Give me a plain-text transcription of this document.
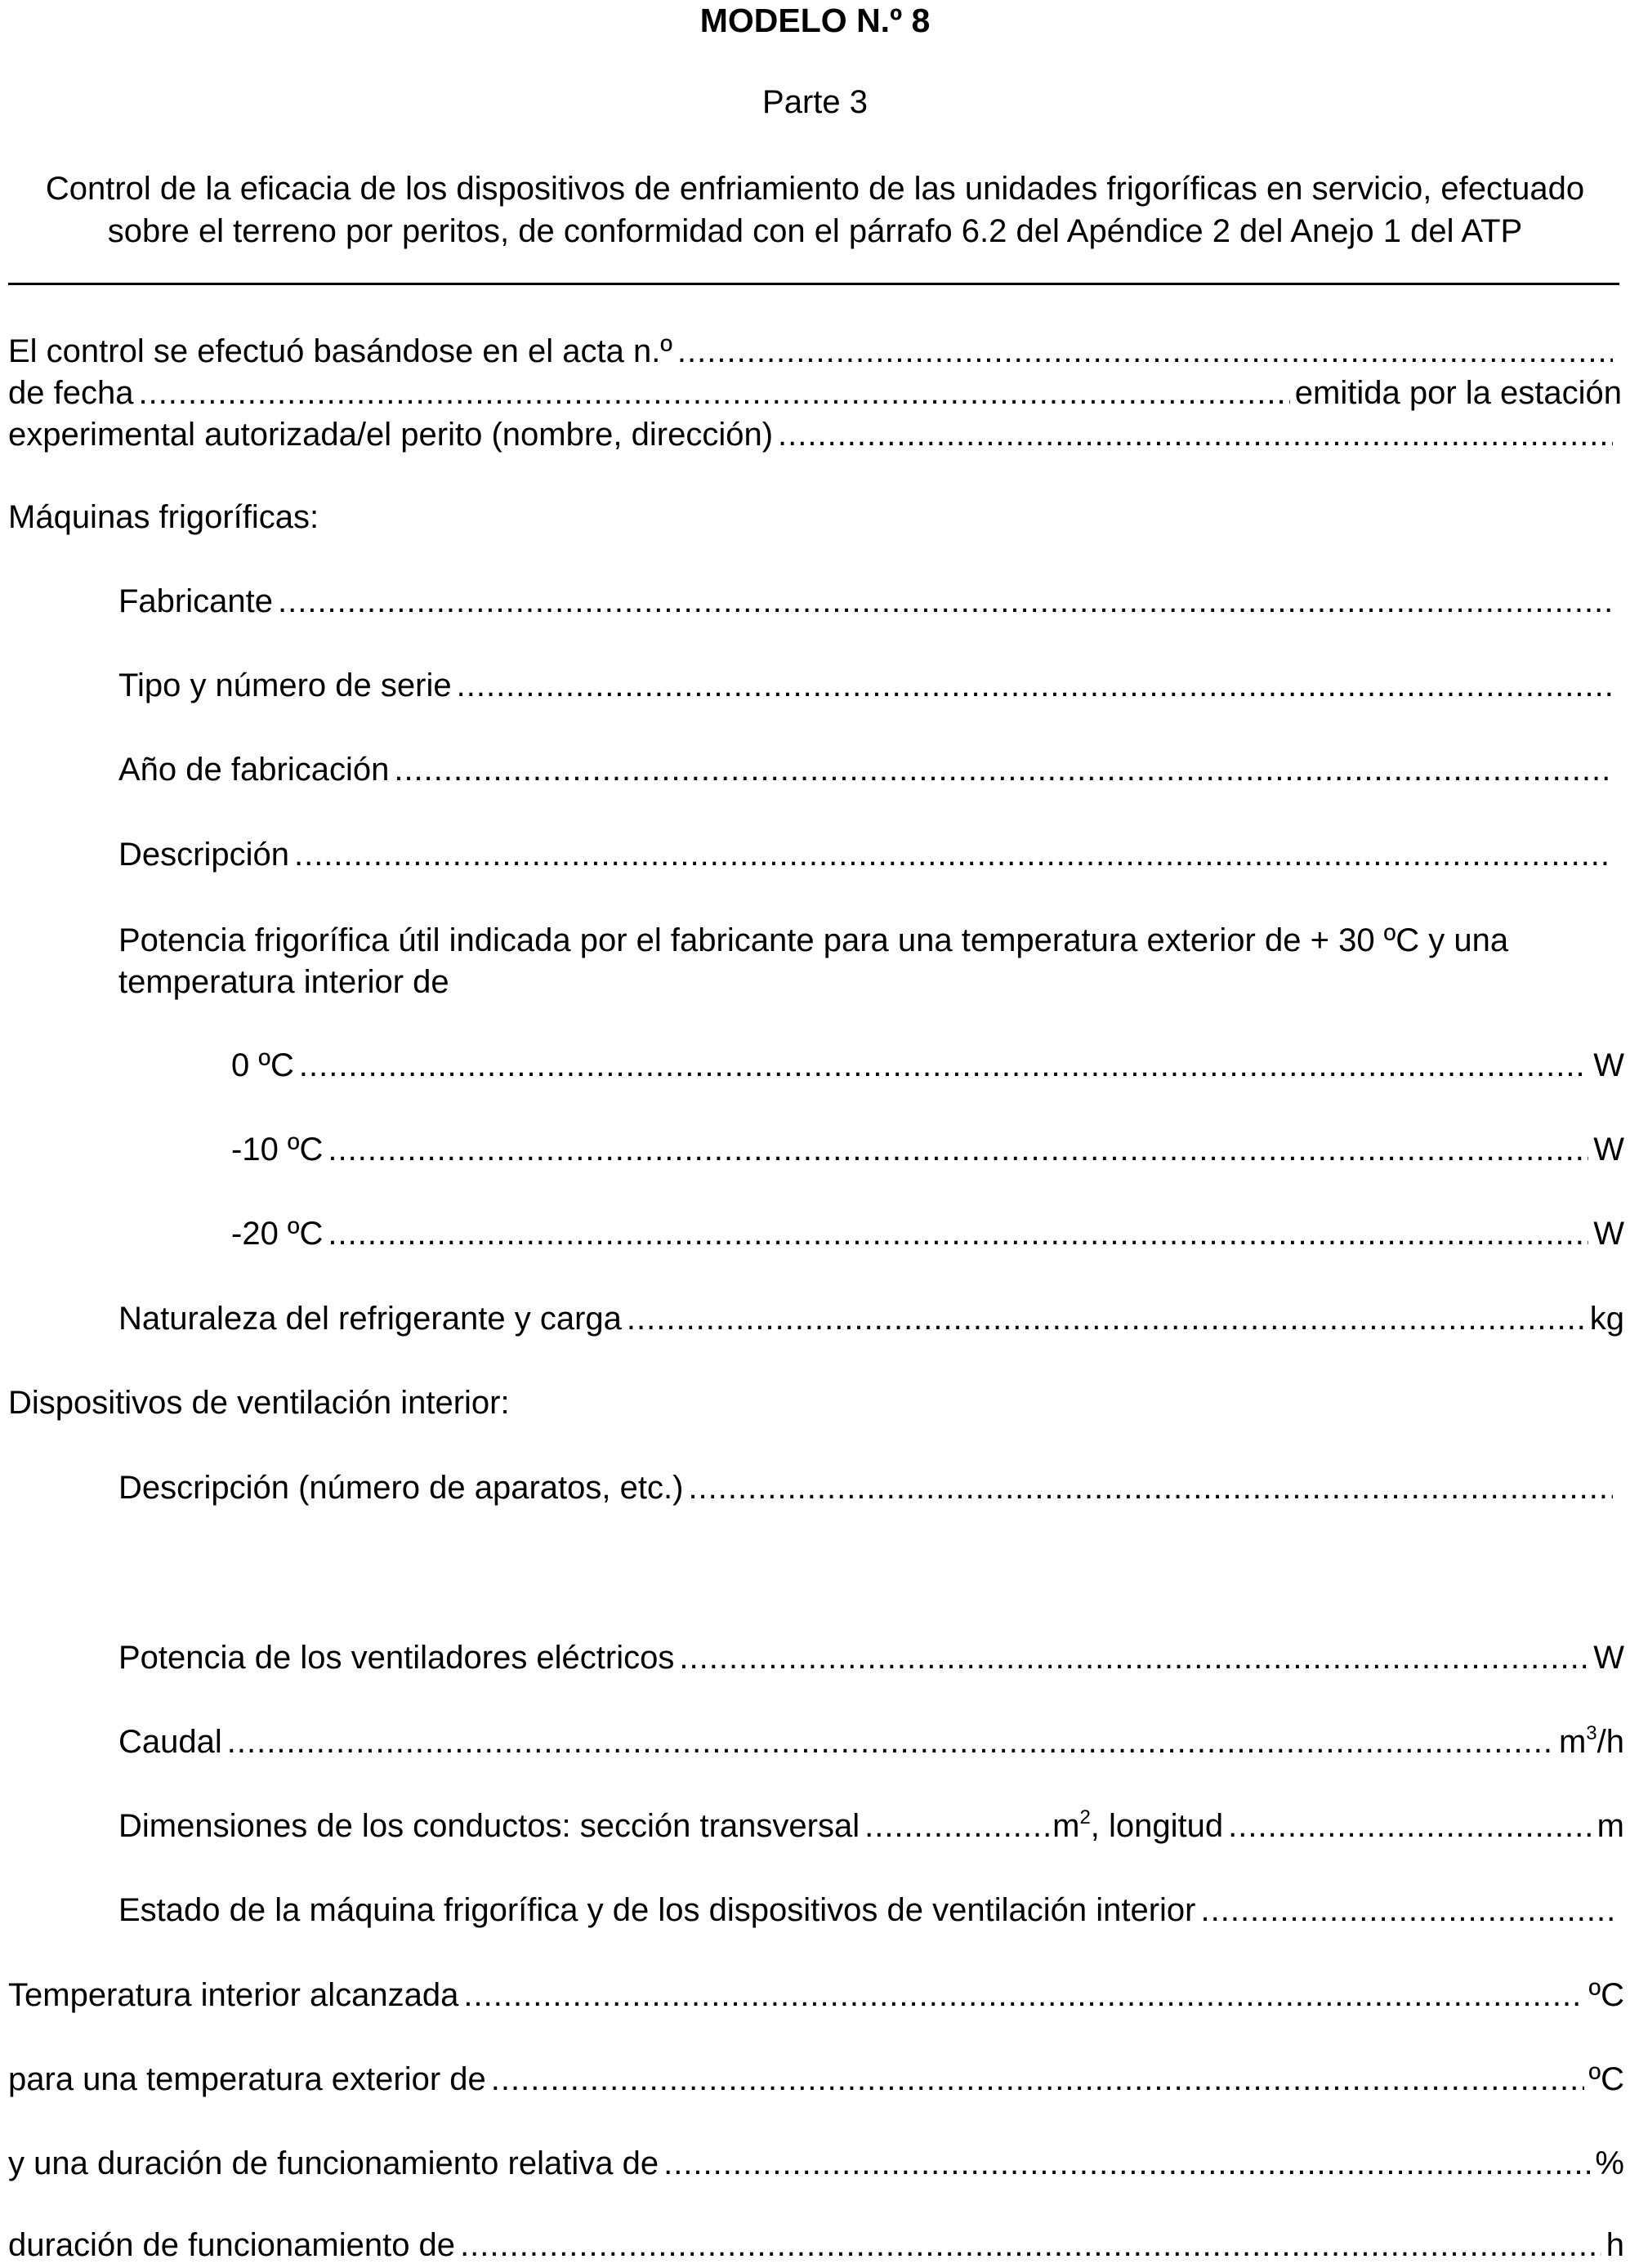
MODELO N.º 8
Parte 3
Control de la eficacia de los dispositivos de enfriamiento de las unidades frigoríficas en servicio, efectuado
sobre el terreno por peritos, de conformidad con el párrafo 6.2 del Apéndice 2 del Anejo 1 del ATP
El control se efectuó basándose en el acta n.º
.....
de fecha .....	emitida por la estación
experimental autorizada/el perito (nombre, dirección)
.....
Máquinas frigoríficas:
Fabricante
.....
Tipo y número de serie
.....
Año de fabricación
.....
Descripción
.....
Potencia frigorífica útil indicada por el fabricante para una temperatura exterior de + 30 ºC y una
temperatura interior de
0 ºC .....	W
-10 ºC .....	W
-20 ºC .....	W
Naturaleza del refrigerante y carga .....	kg
Dispositivos de ventilación interior:
Descripción (número de aparatos, etc.)
.....
Potencia de los ventiladores eléctricos .....	W
Caudal .....	$m^3/h$
Dimensiones de los conductos: sección transversal .....	$m^2$, longitud .....	m
Estado de la máquina frigorífica y de los dispositivos de ventilación interior
.....
Temperatura interior alcanzada .....	ºC
para una temperatura exterior de .....	ºC
y una duración de funcionamiento relativa de .....	%
duración de funcionamiento de .....	h
